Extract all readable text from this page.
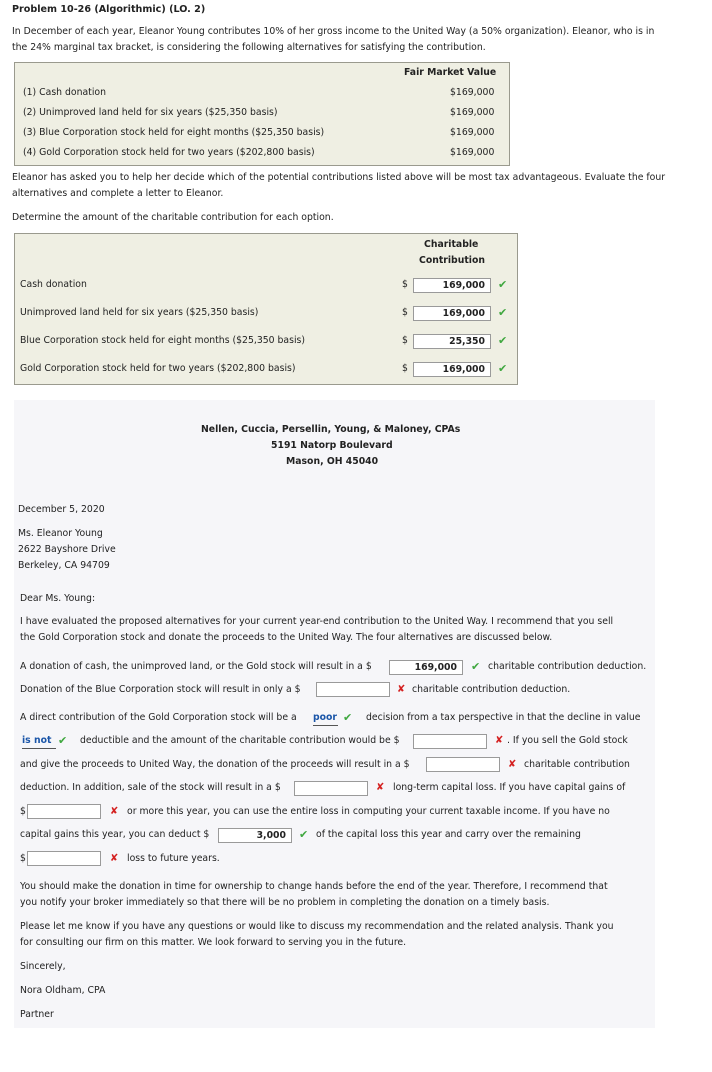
Problem 10-26 (Algorithmic) (LO. 2)
In December of each year, Eleanor Young contributes 10% of her gross income to the United Way (a 50% organization). Eleanor, who is in
the 24% marginal tax bracket, is considering the following alternatives for satisfying the contribution.
Fair Market Value
(1) Cash donation	$169,000
(2) Unimproved land held for six years ($25,350 basis)	$169,000
(3) Blue Corporation stock held for eight months ($25,350 basis)	$169,000
(4) Gold Corporation stock held for two years ($202,800 basis)	$169,000
Eleanor has asked you to help her decide which of the potential contributions listed above will be most tax advantageous. Evaluate the four
alternatives and complete a letter to Eleanor.
Determine the amount of the charitable contribution for each option.
Charitable
Contribution
Cash donation	$	169,000	✔
Unimproved land held for six years ($25,350 basis)	$	169,000	✔
Blue Corporation stock held for eight months ($25,350 basis)	$	25,350	✔
Gold Corporation stock held for two years ($202,800 basis)	$	169,000	✔
Nellen, Cuccia, Persellin, Young, & Maloney, CPAs
5191 Natorp Boulevard
Mason, OH 45040
December 5, 2020
Ms. Eleanor Young
2622 Bayshore Drive
Berkeley, CA 94709
Dear Ms. Young:
I have evaluated the proposed alternatives for your current year-end contribution to the United Way. I recommend that you sell
the Gold Corporation stock and donate the proceeds to the United Way. The four alternatives are discussed below.
A donation of cash, the unimproved land, or the Gold stock will result in a $	169,000	✔ charitable contribution deduction.
Donation of the Blue Corporation stock will result in only a $	✘ charitable contribution deduction.
A direct contribution of the Gold Corporation stock will be a poor ✔ decision from a tax perspective in that the decline in value
is not ✔ deductible and the amount of the charitable contribution would be $	✘ . If you sell the Gold stock
and give the proceeds to United Way, the donation of the proceeds will result in a $	✘ charitable contribution
deduction. In addition, sale of the stock will result in a $	✘ long-term capital loss. If you have capital gains of
$	✘ or more this year, you can use the entire loss in computing your current taxable income. If you have no
capital gains this year, you can deduct $	3,000	✔ of the capital loss this year and carry over the remaining
$	✘ loss to future years.
You should make the donation in time for ownership to change hands before the end of the year. Therefore, I recommend that
you notify your broker immediately so that there will be no problem in completing the donation on a timely basis.
Please let me know if you have any questions or would like to discuss my recommendation and the related analysis. Thank you
for consulting our firm on this matter. We look forward to serving you in the future.
Sincerely,
Nora Oldham, CPA
Partner
